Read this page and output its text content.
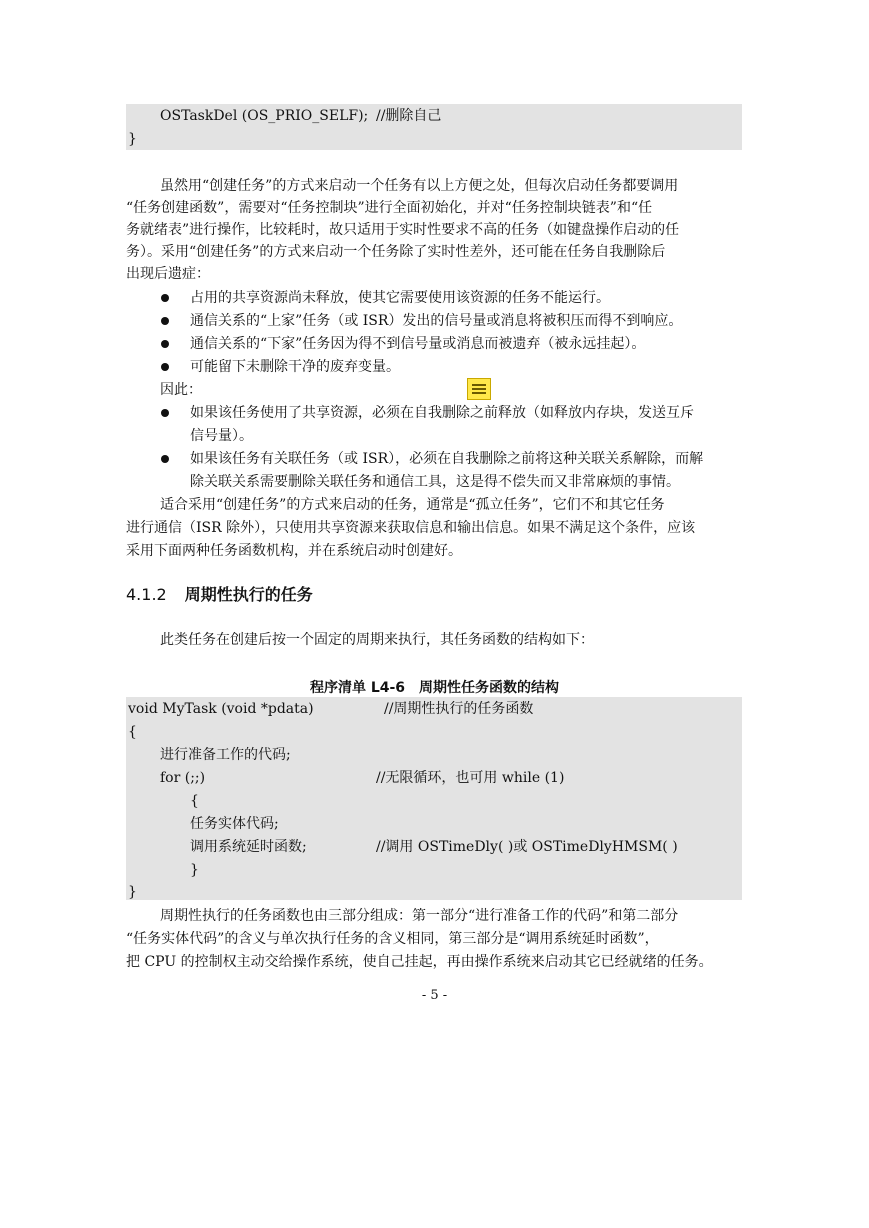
OSTaskDel (OS_PRIO_SELF); //删除自己
}
虽然用“创建任务”的方式来启动一个任务有以上方便之处，但每次启动任务都要调用
“任务创建函数”，需要对“任务控制块”进行全面初始化，并对“任务控制块链表”和“任
务就绪表”进行操作，比较耗时，故只适用于实时性要求不高的任务（如键盘操作启动的任
务）。采用“创建任务”的方式来启动一个任务除了实时性差外，还可能在任务自我删除后
出现后遗症：
占用的共享资源尚未释放，使其它需要使用该资源的任务不能运行。
通信关系的“上家”任务（或 ISR）发出的信号量或消息将被积压而得不到响应。
通信关系的“下家”任务因为得不到信号量或消息而被遗弃（被永远挂起）。
可能留下未删除干净的废弃变量。
因此：
如果该任务使用了共享资源，必须在自我删除之前释放（如释放内存块，发送互斥
信号量）。
如果该任务有关联任务（或 ISR），必须在自我删除之前将这种关联关系解除，而解
除关联关系需要删除关联任务和通信工具，这是得不偿失而又非常麻烦的事情。
适合采用“创建任务”的方式来启动的任务，通常是“孤立任务”，它们不和其它任务
进行通信（ISR 除外），只使用共享资源来获取信息和输出信息。如果不满足这个条件，应该
采用下面两种任务函数机构，并在系统启动时创建好。
4.1.2 周期性执行的任务
此类任务在创建后按一个固定的周期来执行，其任务函数的结构如下：
程序清单 L4-6　周期性任务函数的结构
void MyTask (void *pdata)	//周期性执行的任务函数
{
进行准备工作的代码;
for (;;)	//无限循环，也可用 while (1)
{
任务实体代码;
调用系统延时函数;	//调用 OSTimeDly( )或 OSTimeDlyHMSM( )
}
}
周期性执行的任务函数也由三部分组成：第一部分“进行准备工作的代码”和第二部分
“任务实体代码”的含义与单次执行任务的含义相同，第三部分是“调用系统延时函数”，
把 CPU 的控制权主动交给操作系统，使自己挂起，再由操作系统来启动其它已经就绪的任务。
- 5 -
